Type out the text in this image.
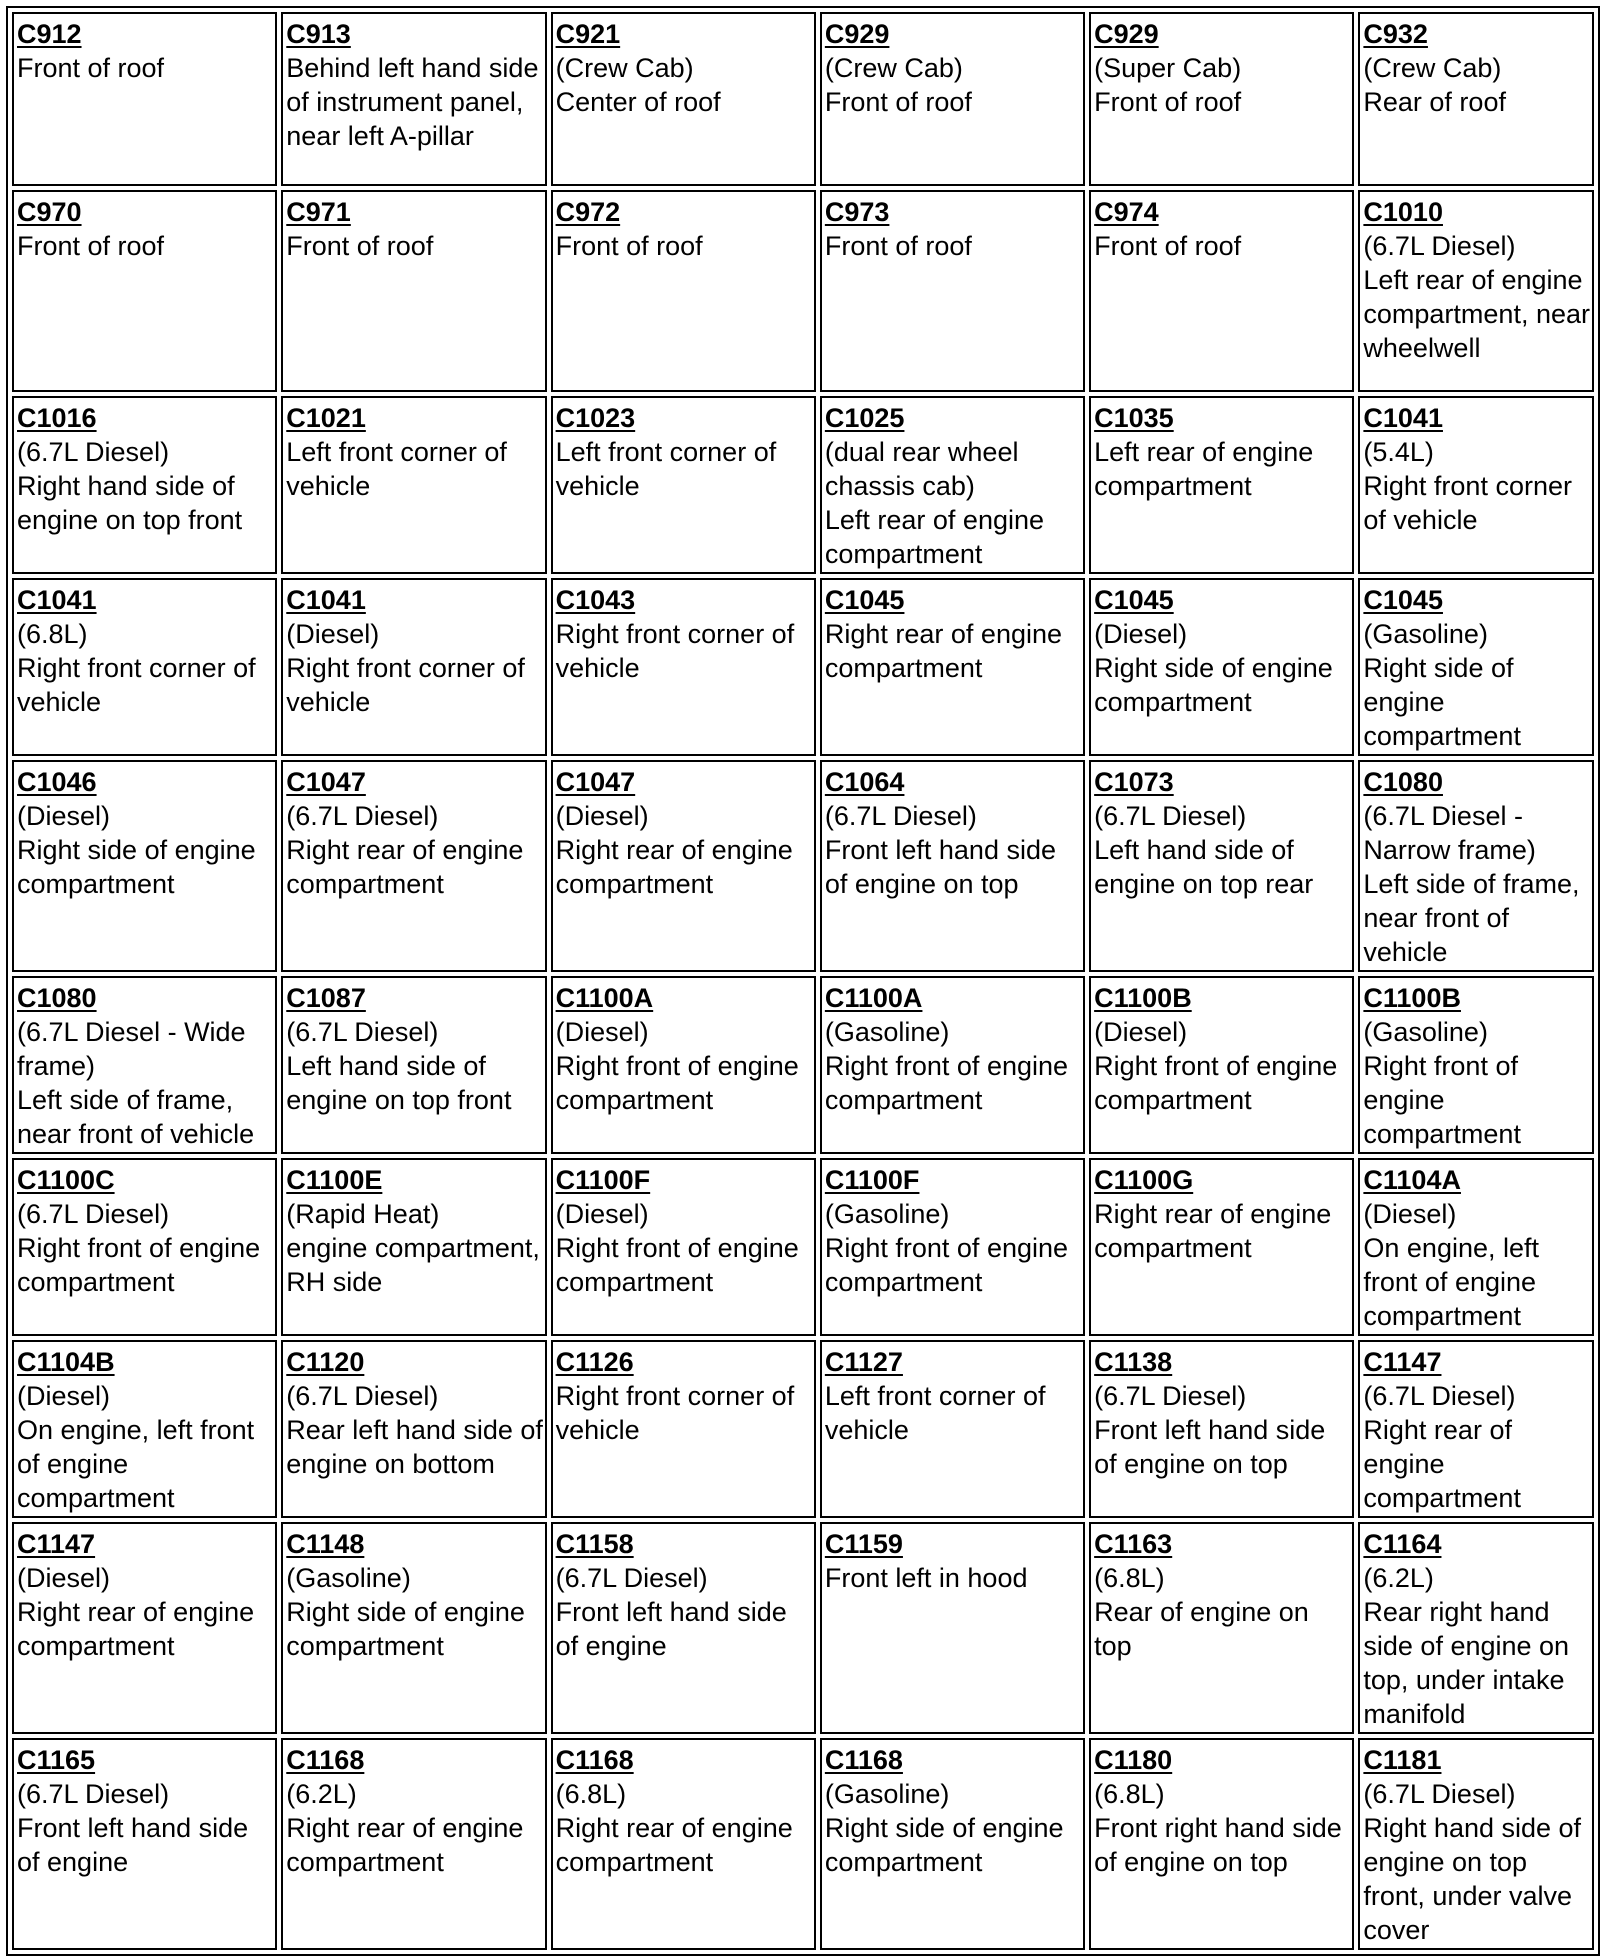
C912
Front of roof	C913
Behind left hand side of instrument panel, near left A-pillar	C921
(Crew Cab)
Center of roof	C929
(Crew Cab)
Front of roof	C929
(Super Cab)
Front of roof	C932
(Crew Cab)
Rear of roof

C970
Front of roof	C971
Front of roof	C972
Front of roof	C973
Front of roof	C974
Front of roof	C1010
(6.7L Diesel)
Left rear of engine compartment, near wheelwell

C1016
(6.7L Diesel)
Right hand side of engine on top front	C1021
Left front corner of vehicle	C1023
Left front corner of vehicle	C1025
(dual rear wheel chassis cab)
Left rear of engine compartment	C1035
Left rear of engine compartment	C1041
(5.4L)
Right front corner of vehicle

C1041
(6.8L)
Right front corner of vehicle	C1041
(Diesel)
Right front corner of vehicle	C1043
Right front corner of vehicle	C1045
Right rear of engine compartment	C1045
(Diesel)
Right side of engine compartment	C1045
(Gasoline)
Right side of engine compartment

C1046
(Diesel)
Right side of engine compartment	C1047
(6.7L Diesel)
Right rear of engine compartment	C1047
(Diesel)
Right rear of engine compartment	C1064
(6.7L Diesel)
Front left hand side of engine on top	C1073
(6.7L Diesel)
Left hand side of engine on top rear	C1080
(6.7L Diesel - Narrow frame)
Left side of frame, near front of vehicle

C1080
(6.7L Diesel - Wide frame)
Left side of frame, near front of vehicle	C1087
(6.7L Diesel)
Left hand side of engine on top front	C1100A
(Diesel)
Right front of engine compartment	C1100A
(Gasoline)
Right front of engine compartment	C1100B
(Diesel)
Right front of engine compartment	C1100B
(Gasoline)
Right front of engine compartment

C1100C
(6.7L Diesel)
Right front of engine compartment	C1100E
(Rapid Heat)
engine compartment, RH side	C1100F
(Diesel)
Right front of engine compartment	C1100F
(Gasoline)
Right front of engine compartment	C1100G
Right rear of engine compartment	C1104A
(Diesel)
On engine, left front of engine compartment

C1104B
(Diesel)
On engine, left front of engine compartment	C1120
(6.7L Diesel)
Rear left hand side of engine on bottom	C1126
Right front corner of vehicle	C1127
Left front corner of vehicle	C1138
(6.7L Diesel)
Front left hand side of engine on top	C1147
(6.7L Diesel)
Right rear of engine compartment

C1147
(Diesel)
Right rear of engine compartment	C1148
(Gasoline)
Right side of engine compartment	C1158
(6.7L Diesel)
Front left hand side of engine	C1159
Front left in hood	C1163
(6.8L)
Rear of engine on top	C1164
(6.2L)
Rear right hand side of engine on top, under intake manifold

C1165
(6.7L Diesel)
Front left hand side of engine	C1168
(6.2L)
Right rear of engine compartment	C1168
(6.8L)
Right rear of engine compartment	C1168
(Gasoline)
Right side of engine compartment	C1180
(6.8L)
Front right hand side of engine on top	C1181
(6.7L Diesel)
Right hand side of engine on top front, under valve cover
